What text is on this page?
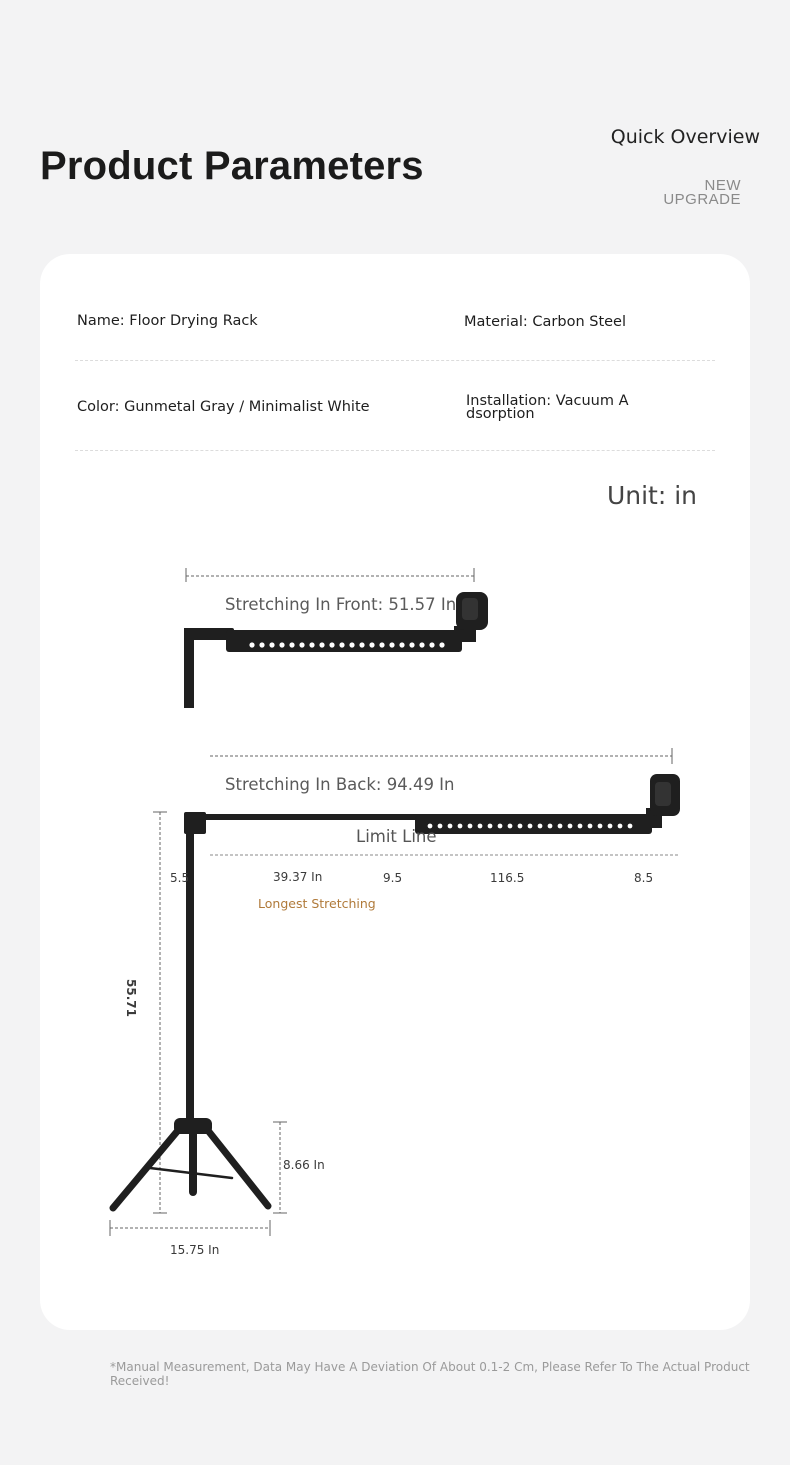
Product Parameters
Quick Overview
NEW
UPGRADE
Name: Floor Drying Rack	Material: Carbon Steel
Color: Gunmetal Gray / Minimalist White	Installation: Vacuum A
dsorption
Unit: in
Stretching In Front: 51.57 In
Stretching In Back: 94.49 In
Limit Line
5.5	39.37 In	9.5	116.5	8.5
Longest Stretching
55.71
8.66 In
15.75 In
*Manual Measurement, Data May Have A Deviation Of About 0.1-2 Cm, Please Refer To The Actual Product Received!
